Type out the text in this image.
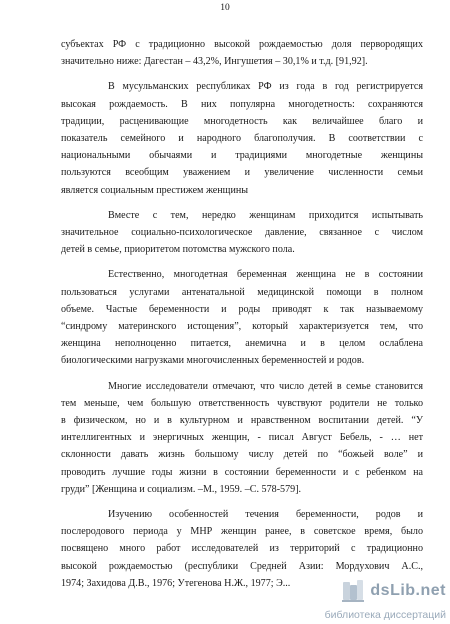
10
субъектах РФ с традиционно высокой рождаемостью доля первородящих
значительно ниже: Дагестан – 43,2%, Ингушетия – 30,1% и т.д. [91,92].
В мусульманских республиках РФ из года в год регистрируется
высокая рождаемость. В них популярна многодетность: сохраняются
традиции, расценивающие многодетность как величайшее благо и
показатель семейного и народного благополучия. В соответствии с
национальными обычаями и традициями многодетные женщины
пользуются всеобщим уважением и увеличение численности семьи
является социальным престижем женщины
Вместе с тем, нередко женщинам приходится испытывать
значительное социально-психологическое давление, связанное с числом
детей в семье, приоритетом потомства мужского пола.
Естественно, многодетная беременная женщина не в состоянии
пользоваться услугами антенатальной медицинской помощи в полном
объеме. Частые беременности и роды приводят к так называемому
“синдрому материнского истощения”, который характеризуется тем, что
женщина неполноценно питается, анемична и в целом ослаблена
биологическими нагрузками многочисленных беременностей и родов.
Многие исследователи отмечают, что число детей в семье становится
тем меньше, чем большую ответственность чувствуют родители не только
в физическом, но и в культурном и нравственном воспитании детей. “У
интеллигентных и энергичных женщин, - писал Август Бебель, - … нет
склонности давать жизнь большому числу детей по “божьей воле” и
проводить лучшие годы жизни в состоянии беременности и с ребенком на
груди” [Женщина и социализм. –М., 1959. –С. 578-579].
Изучению особенностей течения беременности, родов и
послеродового периода у МНР женщин ранее, в советское время, было
посвящено много работ исследователей из территорий с традиционно
высокой рождаемостью (республики Средней Азии: Мордухович А.С.,
1974; Захидова Д.В., 1976; Утегенова Н.Ж., 1977; Э...	dsLib.net
библиотека диссертаций
